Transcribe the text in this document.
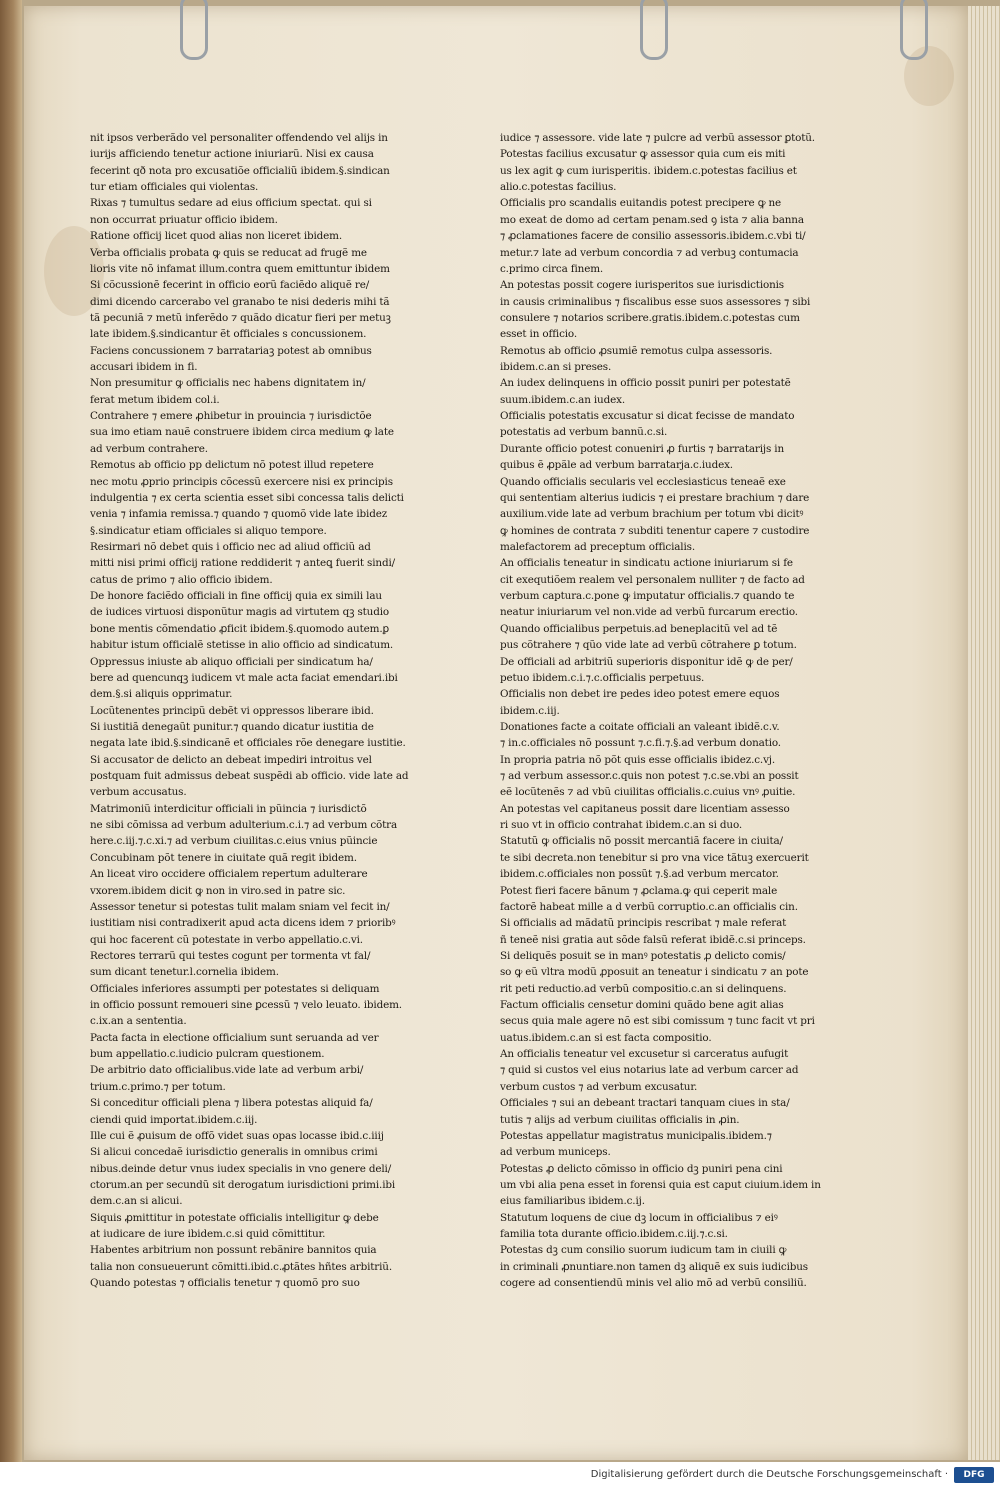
nit ipsos verberãdo vel personaliter offendendo vel alijs in
iurijs afficiendo tenetur actione iniuriarũ. Nisi ex causa
fecerint qð nota pro excusatiõe officialiũ ibidem.§.sindican
tur etiam officiales qui violentas.
Rixas ⁊ tumultus sedare ad eius officium spectat. qui si
non occurrat priuatur officio ibidem.
Ratione officij licet quod alias non liceret ibidem.
Verba officialis probata ꝙ quis se reducat ad frugẽ me
lioris vite nõ infamat illum.contra quem emittuntur ibidem
Si cõcussionẽ fecerint in officio eorũ faciẽdo aliquẽ re/
dimi dicendo carcerabo vel granabo te nisi dederis mihi tã
tã pecuniã ⁊ metũ inferẽdo ⁊ quãdo dicatur fieri per metuꝫ
late ibidem.§.sindicantur ẽt officiales s concussionem.
Faciens concussionem ⁊ barratariaꝫ potest ab omnibus
accusari ibidem in fi.
Non presumitur ꝙ officialis nec habens dignitatem in/
ferat metum ibidem col.i.
Contrahere ⁊ emere ꝓhibetur in prouincia ⁊ iurisdictõe
sua imo etiam nauẽ construere ibidem circa medium ꝙ late
ad verbum contrahere.
Remotus ab officio pp delictum nõ potest illud repetere
nec motu ꝓprio principis cõcessũ exercere nisi ex principis
indulgentia ⁊ ex certa scientia esset sibi concessa talis delicti
venia ⁊ infamia remissa.⁊ quando ⁊ quomõ vide late ibidez
§.sindicatur etiam officiales si aliquo tempore.
Resirmari nõ debet quis i officio nec ad aliud officiũ ad
mitti nisi primi officij ratione reddiderit ⁊ anteꝗ fuerit sindi/
catus de primo ⁊ alio officio ibidem.
De honore faciẽdo officiali in fine officij quia ex simili lau
de iudices virtuosi disponũtur magis ad virtutem qꝫ studio
bone mentis cõmendatio ꝓficit ibidem.§.quomodo autem.ꝑ
habitur istum officialẽ stetisse in alio officio ad sindicatum.
Oppressus iniuste ab aliquo officiali per sindicatum ha/
bere ad quencunqꝫ iudicem vt male acta faciat emendari.ibi
dem.§.si aliquis opprimatur.
Locũtenentes principũ debẽt vi oppressos liberare ibid.
Si iustitiã denegaũt punitur.⁊ quando dicatur iustitia de
negata late ibid.§.sindicanẽ et officiales rõe denegare iustitie.
Si accusator de delicto an debeat impediri introitus vel
postquam fuit admissus debeat suspẽdi ab officio. vide late ad
verbum accusatus.
Matrimoniũ interdicitur officiali in pũincia ⁊ iurisdictõ
ne sibi cõmissa ad verbum adulterium.c.i.⁊ ad verbum cõtra
here.c.iij.⁊.c.xi.⁊ ad verbum ciuilitas.c.eius vnius pũincie
Concubinam põt tenere in ciuitate quã regit ibidem.
An liceat viro occidere officialem repertum adulterare
vxorem.ibidem dicit ꝙ non in viro.sed in patre sic.
Assessor tenetur si potestas tulit malam sniam vel fecit in/
iustitiam nisi contradixerit apud acta dicens idem ⁊ prioribꝰ
qui hoc facerent cũ potestate in verbo appellatio.c.vi.
Rectores terrarũ qui testes cogunt per tormenta vt fal/
sum dicant tenetur.l.cornelia ibidem.
Officiales inferiores assumpti per potestates si deliquam
in officio possunt remoueri sine ꝑcessũ ⁊ velo leuato. ibidem.
c.ix.an a sententia.
Pacta facta in electione officialium sunt seruanda ad ver
bum appellatio.c.iudicio pulcram questionem.
De arbitrio dato officialibus.vide late ad verbum arbi/
trium.c.primo.⁊ per totum.
Si conceditur officiali plena ⁊ libera potestas aliquid fa/
ciendi quid importat.ibidem.c.iij.
Ille cui ẽ ꝓuisum de offõ videt suas opas locasse ibid.c.iiij
Si alicui concedaẽ iurisdictio generalis in omnibus crimi
nibus.deinde detur vnus iudex specialis in vno genere deli/
ctorum.an per secundũ sit derogatum iurisdictioni primi.ibi
dem.c.an si alicui.
Siquis ꝓmittitur in potestate officialis intelligitur ꝙ debe
at iudicare de iure ibidem.c.si quid cõmittitur.
Habentes arbitrium non possunt rebãnire bannitos quia
talia non consueuerunt cõmitti.ibid.c.ꝓtãtes hñtes arbitriũ.
Quando potestas ⁊ officialis tenetur ⁊ quomõ pro suo
iudice ⁊ assessore. vide late ⁊ pulcre ad verbũ assessor ꝑtotũ.
Potestas facilius excusatur ꝙ assessor quia cum eis miti
us lex agit ꝙ cum iurisperitis. ibidem.c.potestas facilius et
alio.c.potestas facilius.
Officialis pro scandalis euitandis potest precipere ꝙ ne
mo exeat de domo ad certam penam.sed ꝯ ista ⁊ alia banna
⁊ ꝓclamationes facere de consilio assessoris.ibidem.c.vbi ti/
metur.⁊ late ad verbum concordia ⁊ ad verbuꝫ contumacia
c.primo circa finem.
An potestas possit cogere iurisperitos sue iurisdictionis
in causis criminalibus ⁊ fiscalibus esse suos assessores ⁊ sibi
consulere ⁊ notarios scribere.gratis.ibidem.c.potestas cum
esset in officio.
Remotus ab officio ꝓsumiẽ remotus culpa assessoris.
ibidem.c.an si preses.
An iudex delinquens in officio possit puniri per potestatẽ
suum.ibidem.c.an iudex.
Officialis potestatis excusatur si dicat fecisse de mandato
potestatis ad verbum bannũ.c.si.
Durante officio potest conueniri ꝓ furtis ⁊ barratarijs in
quibus ẽ ꝓpãle ad verbum barratarja.c.iudex.
Quando officialis secularis vel ecclesiasticus teneaẽ exe
qui sententiam alterius iudicis ⁊ ei prestare brachium ⁊ dare
auxilium.vide late ad verbum brachium per totum vbi dicitꝰ
ꝙ homines de contrata ⁊ subditi tenentur capere ⁊ custodire
malefactorem ad preceptum officialis.
An officialis teneatur in sindicatu actione iniuriarum si fe
cit exequtiõem realem vel personalem nulliter ⁊ de facto ad
verbum captura.c.pone ꝙ imputatur officialis.⁊ quando te
neatur iniuriarum vel non.vide ad verbũ furcarum erectio.
Quando officialibus perpetuis.ad beneplacitũ vel ad tẽ
pus cõtrahere ⁊ qũo vide late ad verbũ cõtrahere ꝑ totum.
De officiali ad arbitriũ superioris disponitur idẽ ꝙ de per/
petuo ibidem.c.i.⁊.c.officialis perpetuus.
Officialis non debet ire pedes ideo potest emere equos
ibidem.c.iij.
Donationes facte a coitate officiali an valeant ibidẽ.c.v.
⁊ in.c.officiales nõ possunt ⁊.c.fi.⁊.§.ad verbum donatio.
In propria patria nõ põt quis esse officialis ibidez.c.vj.
⁊ ad verbum assessor.c.quis non potest ⁊.c.se.vbi an possit
eẽ locũtenẽs ⁊ ad vbũ ciuilitas officialis.c.cuius vnꝰ ꝓuitie.
An potestas vel capitaneus possit dare licentiam assesso
ri suo vt in officio contrahat ibidem.c.an si duo.
Statutũ ꝙ officialis nõ possit mercantiã facere in ciuita/
te sibi decreta.non tenebitur si pro vna vice tãtuꝫ exercuerit
ibidem.c.officiales non possũt ⁊.§.ad verbum mercator.
Potest fieri facere bãnum ⁊ ꝓclama.ꝙ qui ceperit male
factorẽ habeat mille a d verbũ corruptio.c.an officialis cin.
Si officialis ad mãdatũ principis rescribat ⁊ male referat
ñ teneẽ nisi gratia aut sõde falsũ referat ibidẽ.c.si princeps.
Si deliquẽs posuit se in manꝰ potestatis ꝓ delicto comis/
so ꝙ eũ vltra modũ ꝓposuit an teneatur i sindicatu ⁊ an pote
rit peti reductio.ad verbũ compositio.c.an si delinquens.
Factum officialis censetur domini quãdo bene agit alias
secus quia male agere nõ est sibi comissum ⁊ tunc facit vt pri
uatus.ibidem.c.an si est facta compositio.
An officialis teneatur vel excusetur si carceratus aufugit
⁊ quid si custos vel eius notarius late ad verbum carcer ad
verbum custos ⁊ ad verbum excusatur.
Officiales ⁊ sui an debeant tractari tanquam ciues in sta/
tutis ⁊ alijs ad verbum ciuilitas officialis in ꝓin.
Potestas appellatur magistratus municipalis.ibidem.⁊
ad verbum municeps.
Potestas ꝓ delicto cõmisso in officio dꝫ puniri pena cini
um vbi alia pena esset in forensi quia est caput ciuium.idem in
eius familiaribus ibidem.c.ij.
Statutum loquens de ciue dꝫ locum in officialibus ⁊ eiꝰ
familia tota durante officio.ibidem.c.iij.⁊.c.si.
Potestas dꝫ cum consilio suorum iudicum tam in ciuili ꝙ
in criminali ꝓnuntiare.non tamen dꝫ aliquẽ ex suis iudicibus
cogere ad consentiendũ minis vel alio mõ ad verbũ consiliũ.
Digitalisierung gefördert durch die Deutsche Forschungsgemeinschaft ·	DFG
